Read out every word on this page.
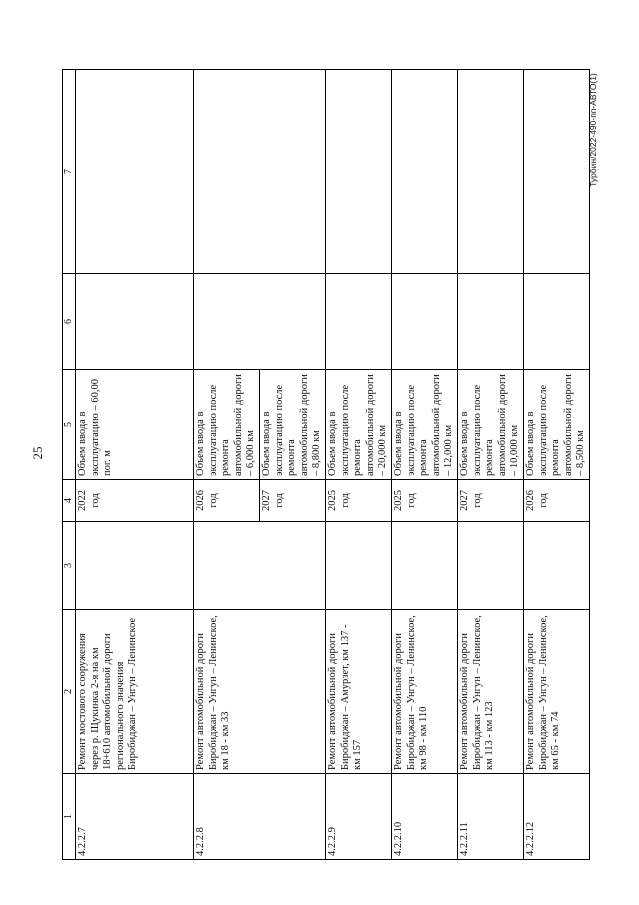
25
Турбин/2022-490-пп-АВТО(1)
1	2	3	4	5	6	7
4.2.2.7	Ремонт мостового сооружения через р. Щукинка 2-я на км 18+610 автомобильной дороги регионального значения Биробиджан – Унгун – Ленинское		2022 год	Объем ввода в эксплуатацию – 60,00 пог. м		
4.2.2.8	Ремонт автомобильной дороги Биробиджан – Унгун – Ленинское, км 18 - км 33		2026 год	Объем ввода в эксплуатацию после ремонта автомобильной дороги – 6,000 км		
			2027 год	Объем ввода в эксплуатацию после ремонта автомобильной дороги – 8,800 км		
4.2.2.9	Ремонт автомобильной дороги Биробиджан – Амурзет, км 137 - км 157		2025 год	Объем ввода в эксплуатацию после ремонта автомобильной дороги – 20,000 км		
4.2.2.10	Ремонт автомобильной дороги Биробиджан – Унгун – Ленинское, км 98 - км 110		2025 год	Объем ввода в эксплуатацию после ремонта автомобильной дороги – 12,000 км		
4.2.2.11	Ремонт автомобильной дороги Биробиджан – Унгун – Ленинское, км 113 - км 123		2027 год	Объем ввода в эксплуатацию после ремонта автомобильной дороги – 10,000 км		
4.2.2.12	Ремонт автомобильной дороги Биробиджан – Унгун – Ленинское, км 65 - км 74		2026 год	Объем ввода в эксплуатацию после ремонта автомобильной дороги – 8,500 км		
